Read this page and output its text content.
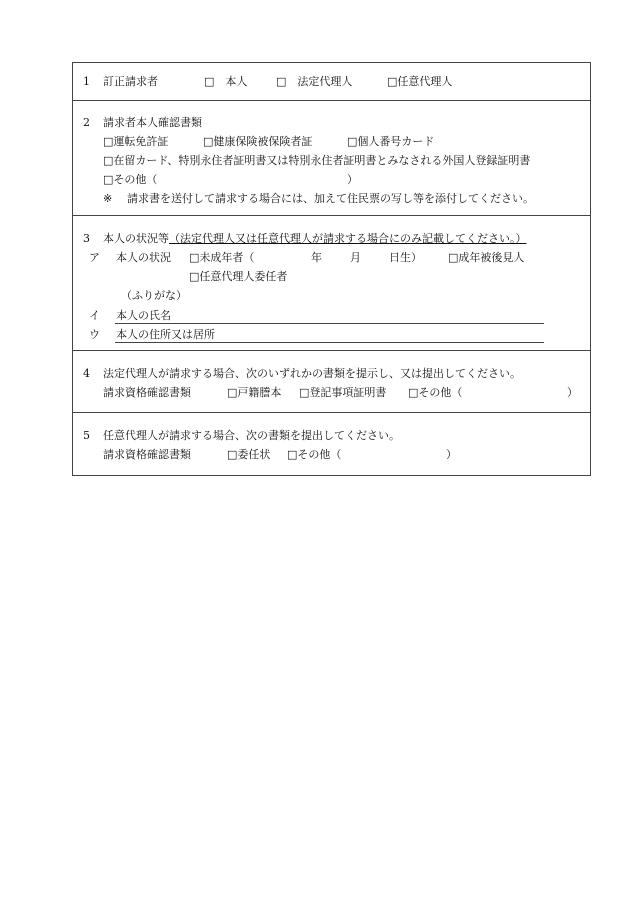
1 訂正請求者	□　本人	□　法定代理人	□任意代理人
2 請求者本人確認書類
□運転免許証	□健康保険被保険者証	□個人番号カード
□在留カード、特別永住者証明書又は特別永住者証明書とみなされる外国人登録証明書
□その他（	）
※ 請求書を送付して請求する場合には、加えて住民票の写し等を添付してください。
3 本人の状況等 （法定代理人又は任意代理人が請求する場合にのみ記載してください。）
ア 本人の状況 □未成年者（	年	月	日生） □成年被後見人
□任意代理人委任者
（ふりがな）
イ 本人の氏名
ウ 本人の住所又は居所
4 法定代理人が請求する場合、次のいずれかの書類を提示し、又は提出してください。
請求資格確認書類	□戸籍謄本 □登記事項証明書 □その他（	）
5 任意代理人が請求する場合、次の書類を提出してください。
請求資格確認書類	□委任状 □その他（	）
